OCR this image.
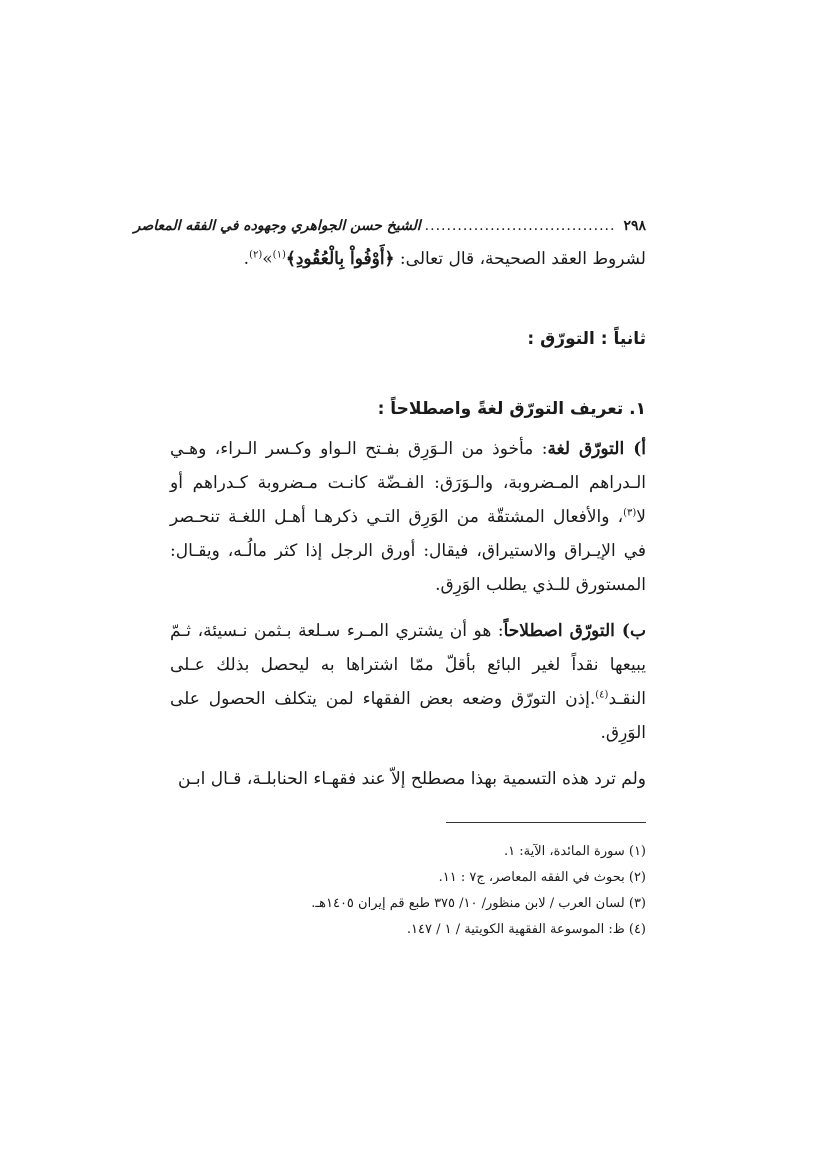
٢٩٨
...................................
الشيخ حسن الجواهري وجهوده في الفقه المعاصر

لشروط العقد الصحيحة، قال تعالى: ﴿أَوْفُواْ بِالْعُقُودِ﴾$^{(١)}$»$^{(٢)}$.

ثانياً : التورّق :
١. تعريف التورّق لغةً واصطلاحاً :

أ) التورّق لغة: مأخوذ من الـوَرِق بفـتح الـواو وكـسر الـراء، وهـي الـدراهم المـضروبة، والـوَرَق: الفـضّة كانـت مـضروبة كـدراهم أو لا$^{(٣)}$، والأفعال المشتقّة من الوَرِق التـي ذكرهـا أهـل اللغـة تنحـصر في الإيـراق والاستيراق، فيقال: أورق الرجل إذا كثر مالُـه، ويقـال: المستورق للـذي يطلب الوَرِق.

ب) التورّق اصطلاحاً: هو أن يشتري المـرء سـلعة بـثمن نـسيئة، ثـمّ يبيعها نقداً لغير البائع بأقلّ ممّا اشتراها به ليحصل بذلك عـلى النقـد$^{(٤)}$.إذن التورّق وضعه بعض الفقهاء لمن يتكلف الحصول على الوَرِق.

ولم ترد هذه التسمية بهذا مصطلح إلاّ عند فقهـاء الحنابلـة، قـال ابـن

(١) سورة المائدة، الآية: ١.

(٢) بحوث في الفقه المعاصر، ج٧ : ١١.

(٣) لسان العرب / لابن منظور/ ١٠/ ٣٧٥ طبع قم إيران ١٤٠٥هـ.

(٤) ظ: الموسوعة الفقهية الكويتية / ١ / ١٤٧.
